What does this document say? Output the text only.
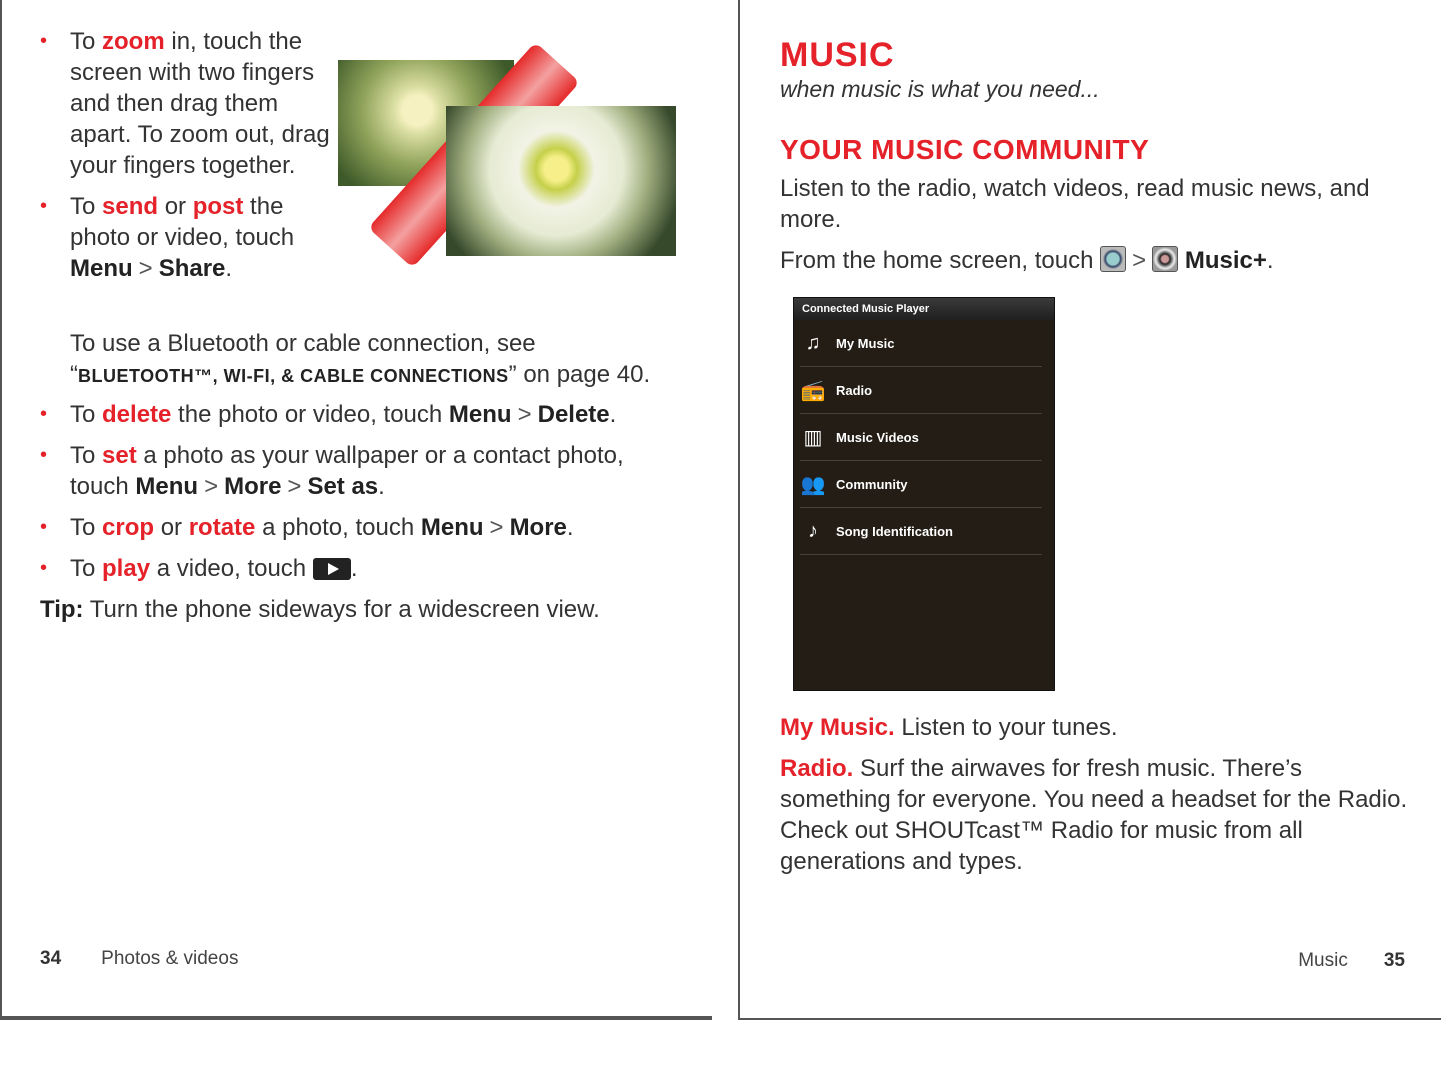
• To zoom in, touch the screen with two fingers and then drag them apart. To zoom out, drag your fingers together.
• To send or post the photo or video, touch Menu > Share.
To use a Bluetooth or cable connection, see
“BLUETOOTH™, WI-FI, & CABLE CONNECTIONS” on page 40.
• To delete the photo or video, touch Menu > Delete.
• To set a photo as your wallpaper or a contact photo, touch Menu > More > Set as.
• To crop or rotate a photo, touch Menu > More.
• To play a video, touch .
Tip: Turn the phone sideways for a widescreen view.
34 Photos & videos
MUSIC
when music is what you need...
YOUR MUSIC COMMUNITY
Listen to the radio, watch videos, read music news, and more.
From the home screen, touch > Music+.
Connected Music Player
♫	My Music
📻 Radio
▥ Music Videos
👥 Community
♪	Song Identification
My Music. Listen to your tunes.
Radio. Surf the airwaves for fresh music. There’s something for everyone. You need a headset for the Radio. Check out SHOUTcast™ Radio for music from all generations and types.
Music 35
